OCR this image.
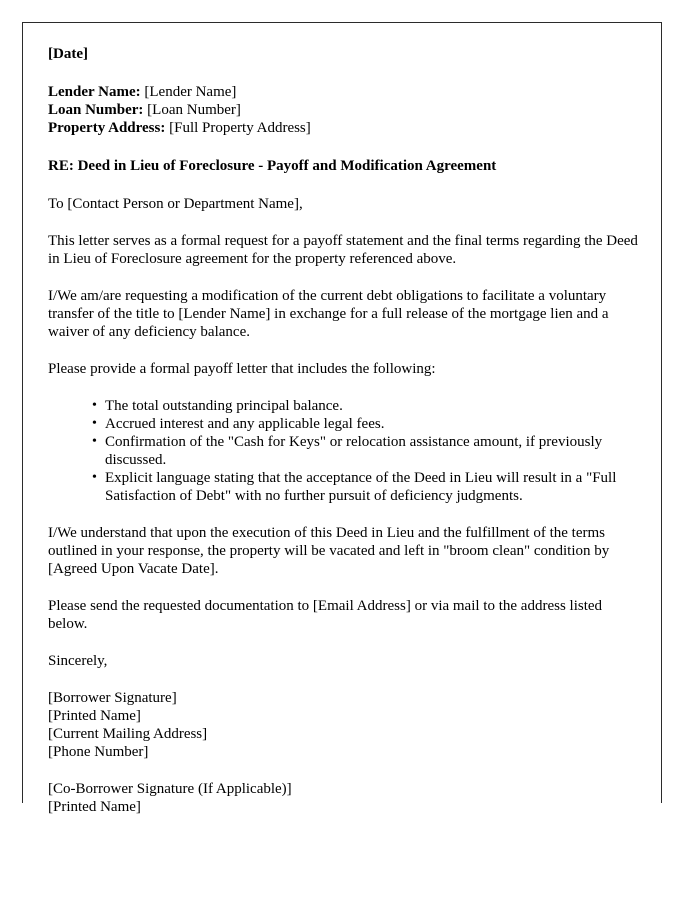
[Date]
Lender Name: [Lender Name]
Loan Number: [Loan Number]
Property Address: [Full Property Address]
RE: Deed in Lieu of Foreclosure - Payoff and Modification Agreement

To [Contact Person or Department Name],

This letter serves as a formal request for a payoff statement and the final terms regarding the Deed in Lieu of Foreclosure agreement for the property referenced above.

I/We am/are requesting a modification of the current debt obligations to facilitate a voluntary transfer of the title to [Lender Name] in exchange for a full release of the mortgage lien and a waiver of any deficiency balance.

Please provide a formal payoff letter that includes the following:

• The total outstanding principal balance.
• Accrued interest and any applicable legal fees.
• Confirmation of the "Cash for Keys" or relocation assistance amount, if previously discussed.
• Explicit language stating that the acceptance of the Deed in Lieu will result in a "Full Satisfaction of Debt" with no further pursuit of deficiency judgments.

I/We understand that upon the execution of this Deed in Lieu and the fulfillment of the terms outlined in your response, the property will be vacated and left in "broom clean" condition by [Agreed Upon Vacate Date].

Please send the requested documentation to [Email Address] or via mail to the address listed below.

Sincerely,

[Borrower Signature]
[Printed Name]
[Current Mailing Address]
[Phone Number]
[Co-Borrower Signature (If Applicable)]
[Printed Name]
